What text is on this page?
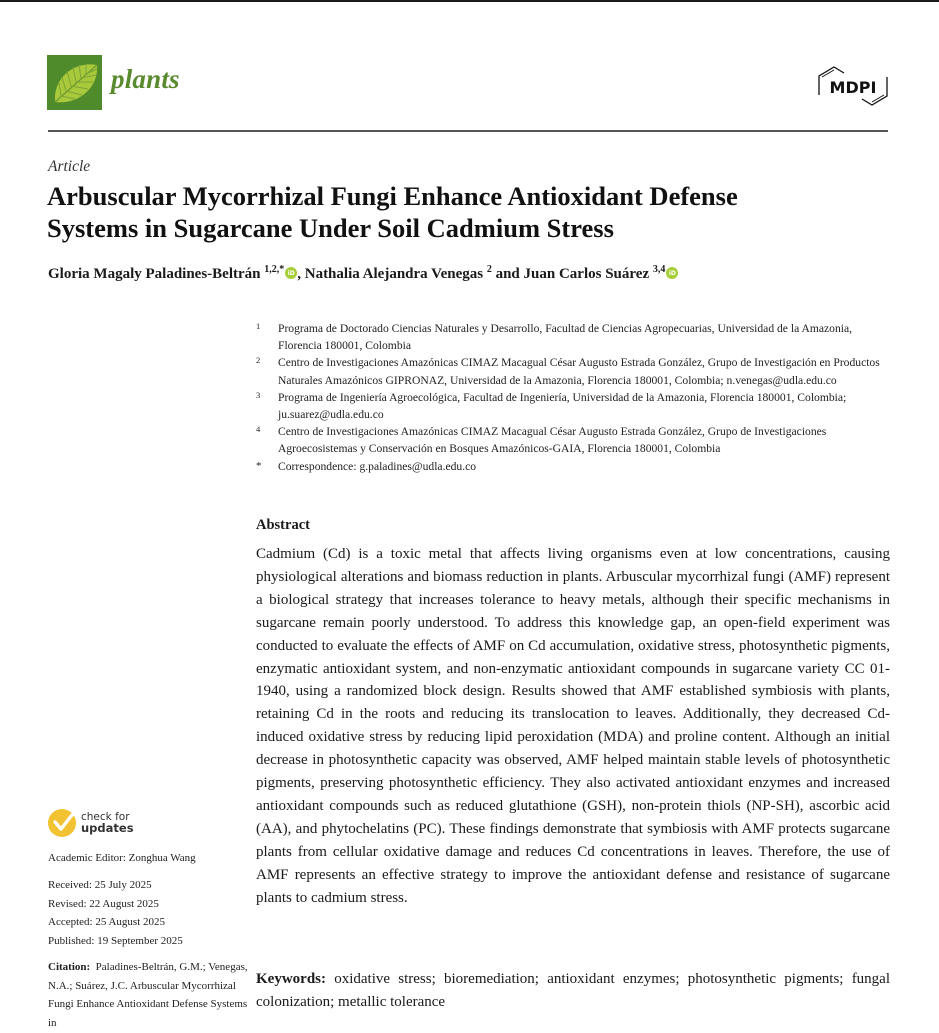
plants	MDPI
Article
Arbuscular Mycorrhizal Fungi Enhance Antioxidant Defense
Systems in Sugarcane Under Soil Cadmium Stress
Gloria Magaly Paladines-Beltrán $^{1,2,*}$ iD , Nathalia Alejandra Venegas $^2$ and Juan Carlos Suárez $^{3,4}$iD
1 Programa de Doctorado Ciencias Naturales y Desarrollo, Facultad de Ciencias Agropecuarias, Universidad de la Amazonia, Florencia 180001, Colombia
2 Centro de Investigaciones Amazónicas CIMAZ Macagual César Augusto Estrada González, Grupo de Investigación en Productos Naturales Amazónicos GIPRONAZ, Universidad de la Amazonia, Florencia 180001, Colombia; n.venegas@udla.edu.co
3 Programa de Ingeniería Agroecológica, Facultad de Ingeniería, Universidad de la Amazonia, Florencia 180001, Colombia; ju.suarez@udla.edu.co
4 Centro de Investigaciones Amazónicas CIMAZ Macagual César Augusto Estrada González, Grupo de Investigaciones Agroecosistemas y Conservación en Bosques Amazónicos-GAIA, Florencia 180001, Colombia
* Correspondence: g.paladines@udla.edu.co
Abstract
Cadmium (Cd) is a toxic metal that affects living organisms even at low concentrations, causing physiological alterations and biomass reduction in plants. Arbuscular mycorrhizal fungi (AMF) represent a biological strategy that increases tolerance to heavy metals, although their specific mechanisms in sugarcane remain poorly understood. To address this knowledge gap, an open-field experiment was conducted to evaluate the effects of AMF on Cd accumulation, oxidative stress, photosynthetic pigments, enzymatic antioxidant system, and non-enzymatic antioxidant compounds in sugarcane variety CC 01-1940, using a randomized block design. Results showed that AMF established symbiosis with plants, retaining Cd in the roots and reducing its translocation to leaves. Additionally, they decreased Cd-induced oxidative stress by reducing lipid peroxidation (MDA) and proline content. Although an initial decrease in photosynthetic capacity was observed, AMF helped maintain stable levels of photosynthetic pigments, preserving photosynthetic efficiency. They also activated antioxidant enzymes and increased antioxidant compounds such as reduced glutathione (GSH), non-protein thiols (NP-SH), ascorbic acid (AA), and phytochelatins (PC). These findings demonstrate that symbiosis with AMF protects sugarcane plants from cellular oxidative damage and reduces Cd concentrations in leaves. Therefore, the use of AMF represents an effective strategy to improve the antioxidant defense and resistance of sugarcane plants to cadmium stress.
Keywords: oxidative stress; bioremediation; antioxidant enzymes; photosynthetic pigments; fungal colonization; metallic tolerance
check for
updates
Academic Editor: Zonghua Wang
Received: 25 July 2025
Revised: 22 August 2025
Accepted: 25 August 2025
Published: 19 September 2025
Citation: Paladines-Beltrán, G.M.; Venegas, N.A.; Suárez, J.C. Arbuscular Mycorrhizal Fungi Enhance Antioxidant Defense Systems in
